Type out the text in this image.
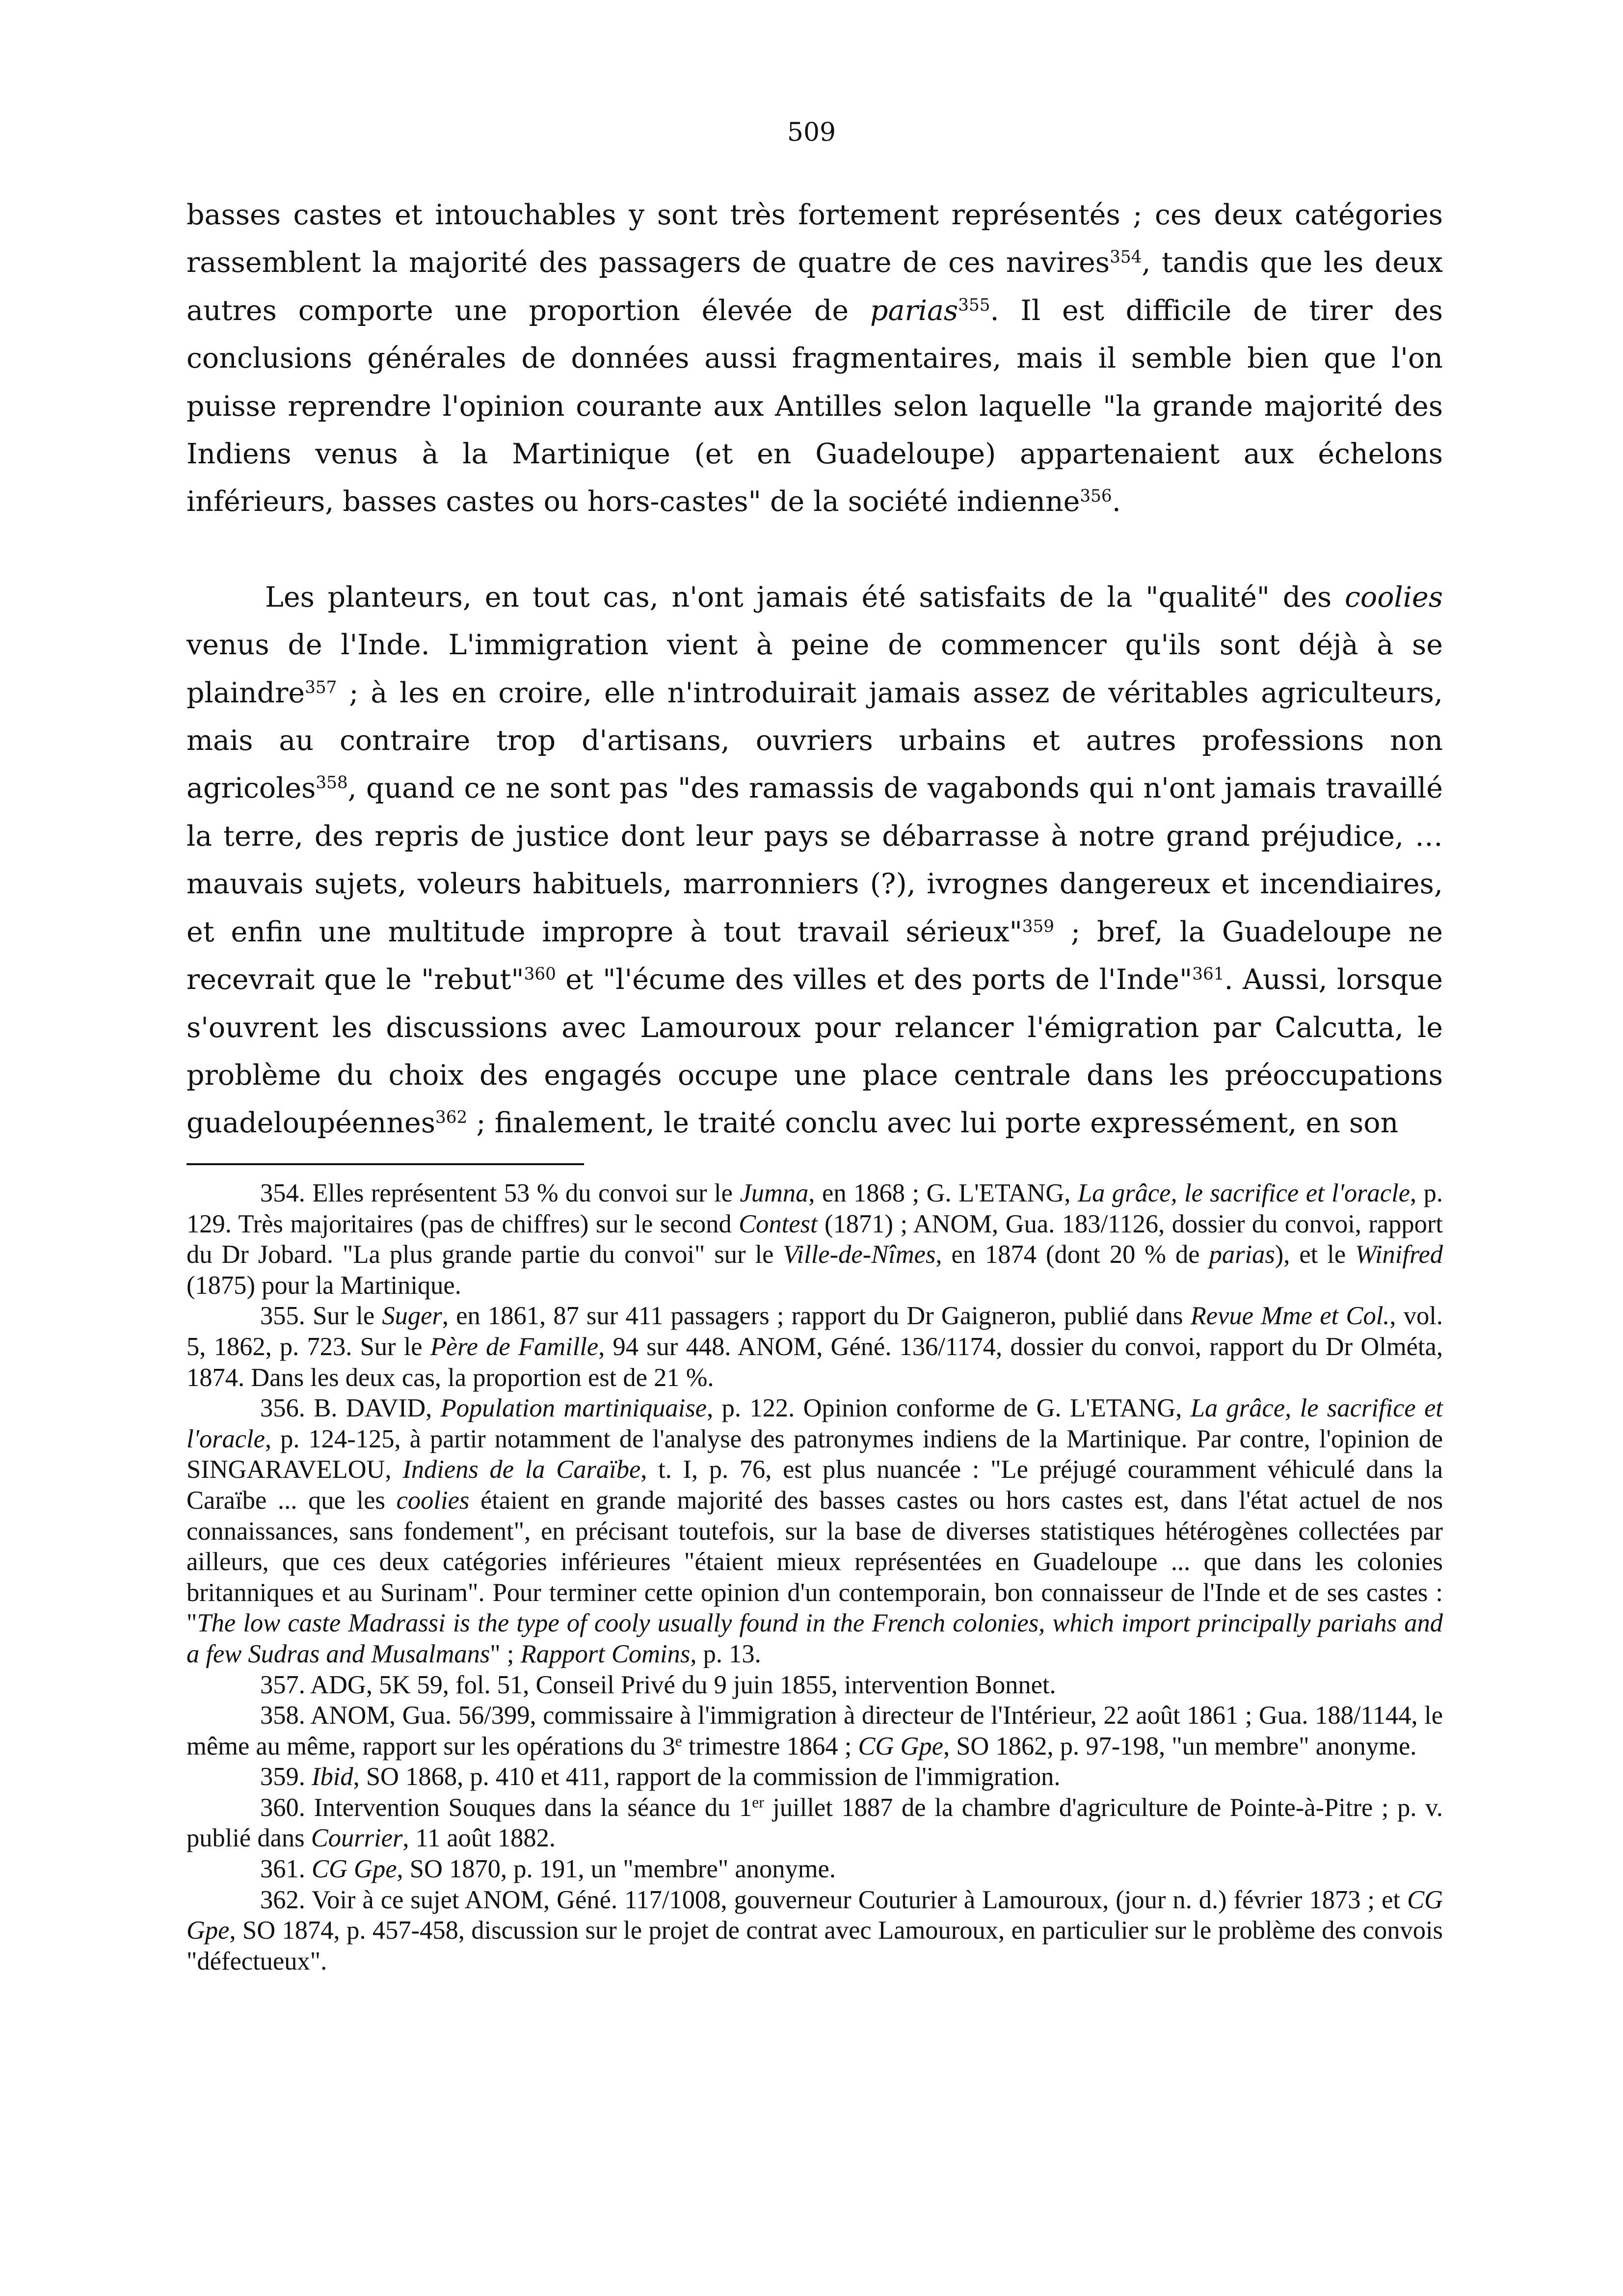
509

basses castes et intouchables y sont très fortement représentés ; ces deux catégories rassemblent la majorité des passagers de quatre de ces navires$^{354}$, tandis que les deux autres comporte une proportion élevée de parias$^{355}$. Il est difficile de tirer des conclusions générales de données aussi fragmentaires, mais il semble bien que l'on puisse reprendre l'opinion courante aux Antilles selon laquelle "la grande majorité des Indiens venus à la Martinique (et en Guadeloupe) appartenaient aux échelons inférieurs, basses castes ou hors-castes" de la société indienne$^{356}$.

Les planteurs, en tout cas, n'ont jamais été satisfaits de la "qualité" des coolies venus de l'Inde. L'immigration vient à peine de commencer qu'ils sont déjà à se plaindre$^{357}$ ; à les en croire, elle n'introduirait jamais assez de véritables agriculteurs, mais au contraire trop d'artisans, ouvriers urbains et autres professions non agricoles$^{358}$, quand ce ne sont pas "des ramassis de vagabonds qui n'ont jamais travaillé la terre, des repris de justice dont leur pays se débarrasse à notre grand préjudice, … mauvais sujets, voleurs habituels, marronniers (?), ivrognes dangereux et incendiaires, et enfin une multitude impropre à tout travail sérieux"$^{359}$ ; bref, la Guadeloupe ne recevrait que le "rebut"$^{360}$ et "l'écume des villes et des ports de l'Inde"$^{361}$. Aussi, lorsque s'ouvrent les discussions avec Lamouroux pour relancer l'émigration par Calcutta, le problème du choix des engagés occupe une place centrale dans les préoccupations guadeloupéennes$^{362}$ ; finalement, le traité conclu avec lui porte expressément, en son

354. Elles représentent 53 % du convoi sur le Jumna, en 1868 ; G. L'ETANG, La grâce, le sacrifice et l'oracle, p. 129. Très majoritaires (pas de chiffres) sur le second Contest (1871) ; ANOM, Gua. 183/1126, dossier du convoi, rapport du Dr Jobard. "La plus grande partie du convoi" sur le Ville-de-Nîmes, en 1874 (dont 20 % de parias), et le Winifred (1875) pour la Martinique.

355. Sur le Suger, en 1861, 87 sur 411 passagers ; rapport du Dr Gaigneron, publié dans Revue Mme et Col., vol. 5, 1862, p. 723. Sur le Père de Famille, 94 sur 448. ANOM, Géné. 136/1174, dossier du convoi, rapport du Dr Olméta, 1874. Dans les deux cas, la proportion est de 21 %.

356. B. DAVID, Population martiniquaise, p. 122. Opinion conforme de G. L'ETANG, La grâce, le sacrifice et l'oracle, p. 124-125, à partir notamment de l'analyse des patronymes indiens de la Martinique. Par contre, l'opinion de SINGARAVELOU, Indiens de la Caraïbe, t. I, p. 76, est plus nuancée : "Le préjugé couramment véhiculé dans la Caraïbe ... que les coolies étaient en grande majorité des basses castes ou hors castes est, dans l'état actuel de nos connaissances, sans fondement", en précisant toutefois, sur la base de diverses statistiques hétérogènes collectées par ailleurs, que ces deux catégories inférieures "étaient mieux représentées en Guadeloupe ... que dans les colonies britanniques et au Surinam". Pour terminer cette opinion d'un contemporain, bon connaisseur de l'Inde et de ses castes : "The low caste Madrassi is the type of cooly usually found in the French colonies, which import principally pariahs and a few Sudras and Musalmans" ; Rapport Comins, p. 13.

357. ADG, 5K 59, fol. 51, Conseil Privé du 9 juin 1855, intervention Bonnet.

358. ANOM, Gua. 56/399, commissaire à l'immigration à directeur de l'Intérieur, 22 août 1861 ; Gua. 188/1144, le même au même, rapport sur les opérations du 3e trimestre 1864 ; CG Gpe, SO 1862, p. 97-198, "un membre" anonyme.

359. Ibid, SO 1868, p. 410 et 411, rapport de la commission de l'immigration.

360. Intervention Souques dans la séance du 1er juillet 1887 de la chambre d'agriculture de Pointe-à-Pitre ; p. v. publié dans Courrier, 11 août 1882.

361. CG Gpe, SO 1870, p. 191, un "membre" anonyme.

362. Voir à ce sujet ANOM, Géné. 117/1008, gouverneur Couturier à Lamouroux, (jour n. d.) février 1873 ; et CG Gpe, SO 1874, p. 457-458, discussion sur le projet de contrat avec Lamouroux, en particulier sur le problème des convois "défectueux".
